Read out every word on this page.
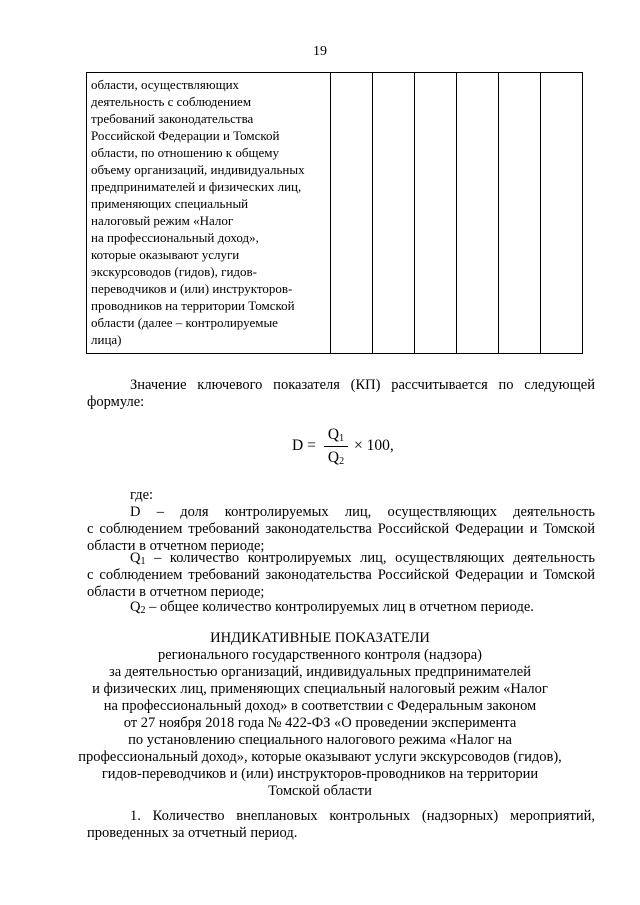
19
области, осуществляющих
деятельность с соблюдением
требований законодательства
Российской Федерации и Томской
области, по отношению к общему
объему организаций, индивидуальных
предпринимателей и физических лиц,
применяющих специальный
налоговый режим «Налог
на профессиональный доход»,
которые оказывают услуги
экскурсоводов (гидов), гидов-
переводчиков и (или) инструкторов-
проводников на территории Томской
области (далее – контролируемые
лица)

Значение ключевого показателя (КП) рассчитывается по следующей
формуле:
D =
$Q_1$
$Q_2$
× 100,
где:
D – доля контролируемых лиц, осуществляющих деятельность
с соблюдением требований законодательства Российской Федерации и Томской
области в отчетном периоде;
$Q_1$ – количество контролируемых лиц, осуществляющих деятельность
с соблюдением требований законодательства Российской Федерации и Томской
области в отчетном периоде;
$Q_2$ – общее количество контролируемых лиц в отчетном периоде.
ИНДИКАТИВНЫЕ ПОКАЗАТЕЛИ
регионального государственного контроля (надзора)
за деятельностью организаций, индивидуальных предпринимателей
и физических лиц, применяющих специальный налоговый режим «Налог
на профессиональный доход» в соответствии с Федеральным законом
от 27 ноября 2018 года № 422-ФЗ «О проведении эксперимента
по установлению специального налогового режима «Налог на
профессиональный доход», которые оказывают услуги экскурсоводов (гидов),
гидов-переводчиков и (или) инструкторов-проводников на территории
Томской области
1. Количество внеплановых контрольных (надзорных) мероприятий,
проведенных за отчетный период.
